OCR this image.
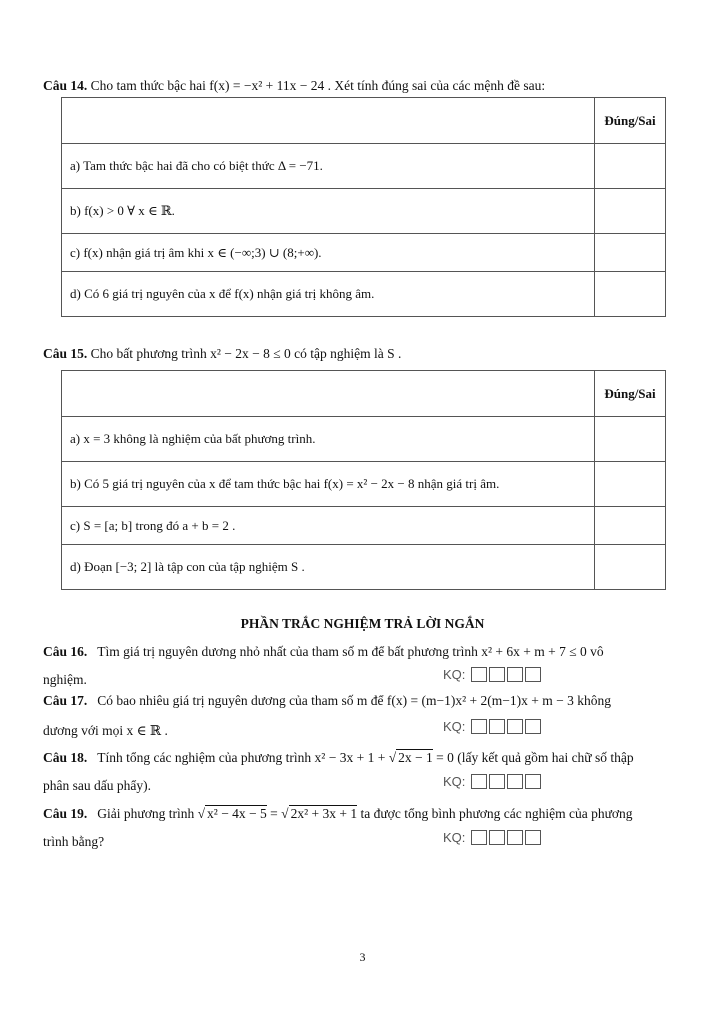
Câu 14. Cho tam thức bậc hai f(x) = −x² + 11x − 24 . Xét tính đúng sai của các mệnh đề sau:
	Đúng/Sai
a) Tam thức bậc hai đã cho có biệt thức Δ = −71.	
b) f(x) > 0 ∀ x ∈ ℝ.	
c) f(x) nhận giá trị âm khi x ∈ (−∞;3) ∪ (8;+∞).	
d) Có 6 giá trị nguyên của x để f(x) nhận giá trị không âm.	
Câu 15. Cho bất phương trình x² − 2x − 8 ≤ 0 có tập nghiệm là S .
	Đúng/Sai
a) x = 3 không là nghiệm của bất phương trình.	
b) Có 5 giá trị nguyên của x để tam thức bậc hai f(x) = x² − 2x − 8 nhận giá trị âm.	
c) S = [a; b] trong đó a + b = 2 .	
d) Đoạn [−3; 2] là tập con của tập nghiệm S .	
PHẦN TRẮC NGHIỆM TRẢ LỜI NGẮN
Câu 16. Tìm giá trị nguyên dương nhỏ nhất của tham số m để bất phương trình x² + 6x + m + 7 ≤ 0 vô
nghiệm.	KQ:
Câu 17. Có bao nhiêu giá trị nguyên dương của tham số m để f(x) = (m−1)x² + 2(m−1)x + m − 3 không
dương với mọi x ∈ ℝ .	KQ:
Câu 18. Tính tổng các nghiệm của phương trình x² − 3x + 1 + √ 2x − 1 = 0 (lấy kết quả gồm hai chữ số thập
phân sau dấu phẩy).	KQ:
Câu 19. Giải phương trình √ x² − 4x − 5 = √ 2x² + 3x + 1 ta được tổng bình phương các nghiệm của phương
trình bằng?	KQ:
3
